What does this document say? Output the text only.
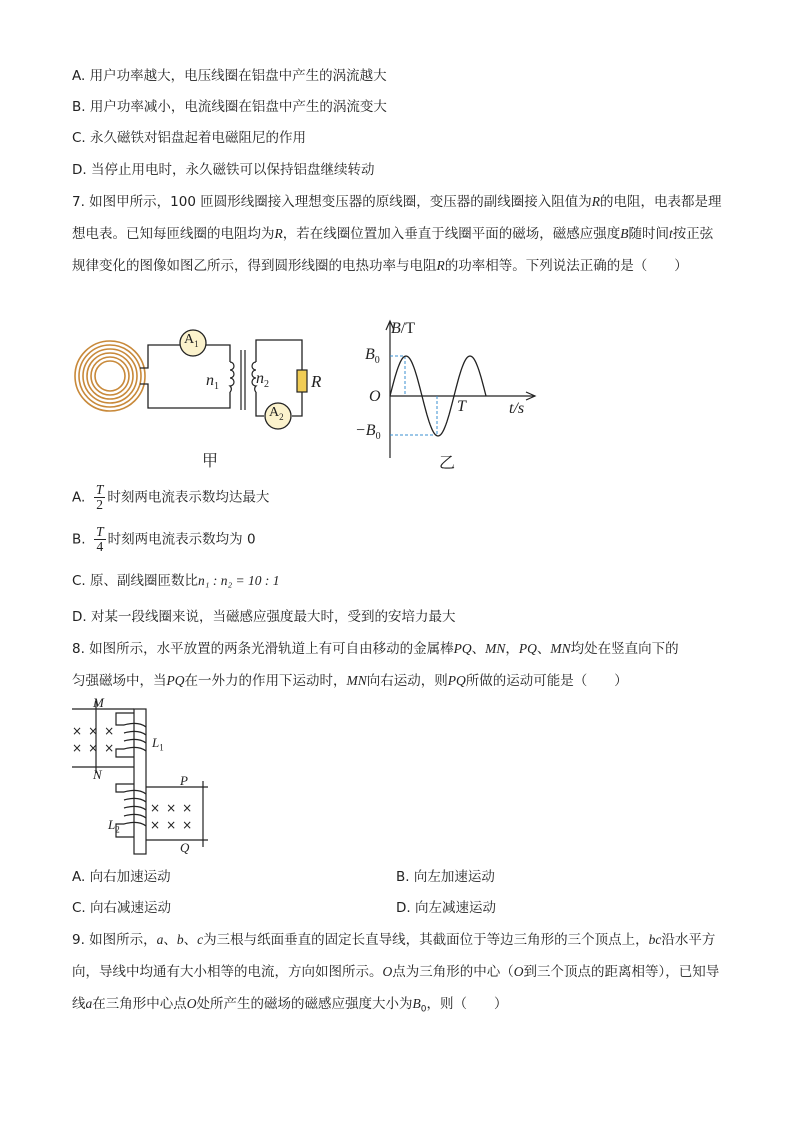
A. 用户功率越大，电压线圈在铝盘中产生的涡流越大
B. 用户功率减小，电流线圈在铝盘中产生的涡流变大
C. 永久磁铁对铝盘起着电磁阻尼的作用
D. 当停止用电时，永久磁铁可以保持铝盘继续转动
7. 如图甲所示，100 匝圆形线圈接入理想变压器的原线圈，变压器的副线圈接入阻值为R的电阻，电表都是理想电表。已知每匝线圈的电阻均为R，若在线圈位置加入垂直于线圈平面的磁场，磁感应强度B随时间t按正弦规律变化的图像如图乙所示，得到圆形线圈的电热功率与电阻R的功率相等。下列说法正确的是（　　）
$A_1$
$A_2$
$n_1$ $n_2$ R
甲
B/T
$B_0$
O
$-B_0$
T	t/s
乙
A. $\frac{T}{2}$ 时刻两电流表示数均达最大
B. $\frac{T}{4}$ 时刻两电流表示数均为 0
C. 原、副线圈匝数比n₁ : n₂ = 10 : 1
D. 对某一段线圈来说，当磁感应强度最大时，受到的安培力最大
8. 如图所示，水平放置的两条光滑轨道上有可自由移动的金属棒PQ、MN，PQ、MN均处在竖直向下的
匀强磁场中，当PQ在一外力的作用下运动时，MN向右运动，则PQ所做的运动可能是（　　）
M
N	P
Q
$L_1$
$L_2$
×××
×××
×××
×××
A. 向右加速运动	B. 向左加速运动
C. 向右减速运动	D. 向左减速运动
9. 如图所示，a、b、c为三根与纸面垂直的固定长直导线，其截面位于等边三角形的三个顶点上，bc沿水平方向，导线中均通有大小相等的电流，方向如图所示。O点为三角形的中心（O到三个顶点的距离相等），已知导线a在三角形中心点O处所产生的磁场的磁感应强度大小为$B_0$，则（　　）
